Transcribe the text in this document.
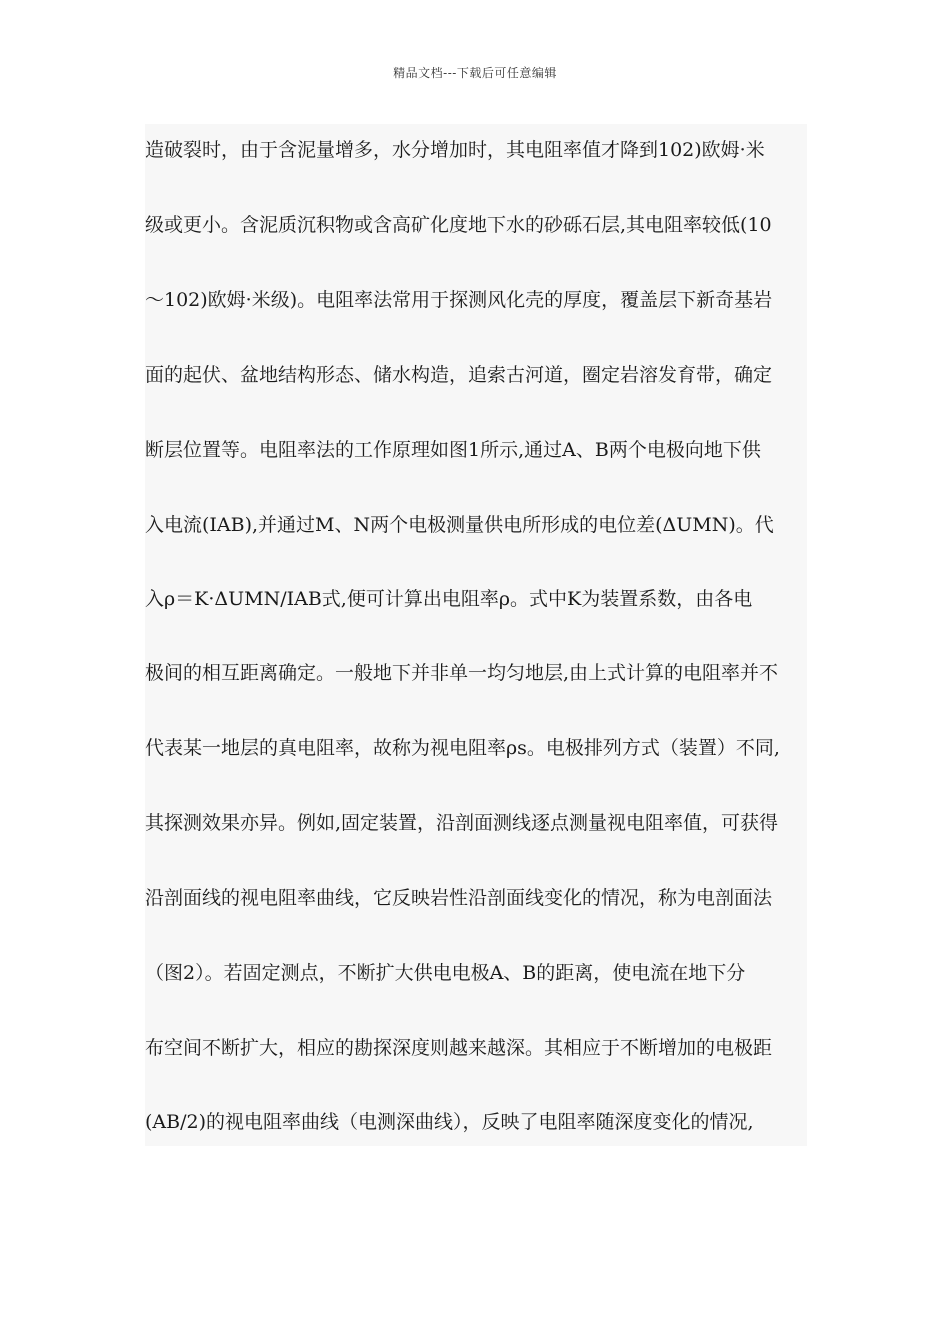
精品文档---下载后可任意编辑
造破裂时，由于含泥量增多，水分增加时，其电阻率值才降到102)欧姆·米
级或更小。含泥质沉积物或含高矿化度地下水的砂砾石层,其电阻率较低(10
～102)欧姆·米级)。电阻率法常用于探测风化壳的厚度，覆盖层下新奇基岩
面的起伏、盆地结构形态、储水构造，追索古河道，圈定岩溶发育带，确定
断层位置等。电阻率法的工作原理如图1所示,通过A、B两个电极向地下供
入电流(IAB),并通过M、N两个电极测量供电所形成的电位差(ΔUMN)。代
入ρ＝K·ΔUMN/IAB式,便可计算出电阻率ρ。式中K为装置系数，由各电
极间的相互距离确定。一般地下并非单一均匀地层,由上式计算的电阻率并不
代表某一地层的真电阻率，故称为视电阻率ρs。电极排列方式（装置）不同,
其探测效果亦异。例如,固定装置，沿剖面测线逐点测量视电阻率值，可获得
沿剖面线的视电阻率曲线，它反映岩性沿剖面线变化的情况，称为电剖面法
（图2）。若固定测点，不断扩大供电电极A、B的距离，使电流在地下分
布空间不断扩大，相应的勘探深度则越来越深。其相应于不断增加的电极距
(AB/2)的视电阻率曲线（电测深曲线），反映了电阻率随深度变化的情况,
